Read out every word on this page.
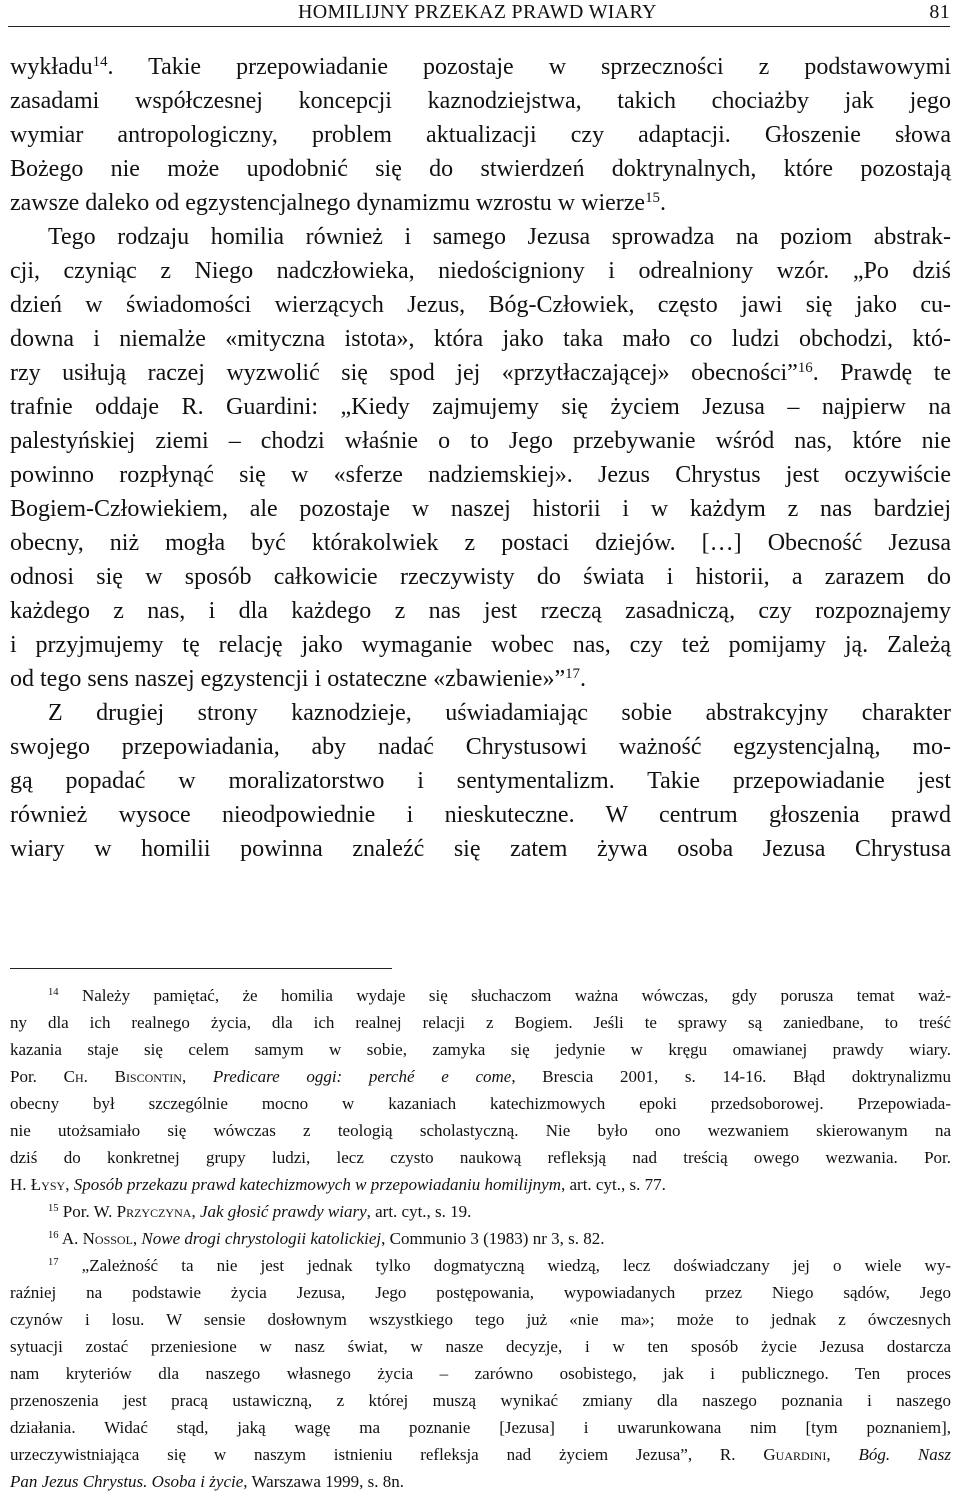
HOMILIJNY PRZEKAZ PRAWD WIARY	81
wykładu$^{14}$. Takie przepowiadanie pozostaje w sprzeczności z podstawowymi
zasadami współczesnej koncepcji kaznodziejstwa, takich chociażby jak jego
wymiar antropologiczny, problem aktualizacji czy adaptacji. Głoszenie słowa
Bożego nie może upodobnić się do stwierdzeń doktrynalnych, które pozostają
zawsze daleko od egzystencjalnego dynamizmu wzrostu w wierze$^{15}$.
Tego rodzaju homilia również i samego Jezusa sprowadza na poziom abstrak-
cji, czyniąc z Niego nadczłowieka, niedościgniony i odrealniony wzór. „Po dziś
dzień w świadomości wierzących Jezus, Bóg-Człowiek, często jawi się jako cu-
downa i niemalże «mityczna istota», która jako taka mało co ludzi obchodzi, któ-
rzy usiłują raczej wyzwolić się spod jej «przytłaczającej» obecności”$^{16}$. Prawdę te
trafnie oddaje R. Guardini: „Kiedy zajmujemy się życiem Jezusa – najpierw na
palestyńskiej ziemi – chodzi właśnie o to Jego przebywanie wśród nas, które nie
powinno rozpłynąć się w «sferze nadziemskiej». Jezus Chrystus jest oczywiście
Bogiem-Człowiekiem, ale pozostaje w naszej historii i w każdym z nas bardziej
obecny, niż mogła być którakolwiek z postaci dziejów. […] Obecność Jezusa
odnosi się w sposób całkowicie rzeczywisty do świata i historii, a zarazem do
każdego z nas, i dla każdego z nas jest rzeczą zasadniczą, czy rozpoznajemy
i przyjmujemy tę relację jako wymaganie wobec nas, czy też pomijamy ją. Zależą
od tego sens naszej egzystencji i ostateczne «zbawienie»”$^{17}$.
Z drugiej strony kaznodzieje, uświadamiając sobie abstrakcyjny charakter
swojego przepowiadania, aby nadać Chrystusowi ważność egzystencjalną, mo-
gą popadać w moralizatorstwo i sentymentalizm. Takie przepowiadanie jest
również wysoce nieodpowiednie i nieskuteczne. W centrum głoszenia prawd
wiary w homilii powinna znaleźć się zatem żywa osoba Jezusa Chrystusa
$^{14}$ Należy pamiętać, że homilia wydaje się słuchaczom ważna wówczas, gdy porusza temat waż-
ny dla ich realnego życia, dla ich realnej relacji z Bogiem. Jeśli te sprawy są zaniedbane, to treść
kazania staje się celem samym w sobie, zamyka się jedynie w kręgu omawianej prawdy wiary.
Por. Ch. Biscontin, Predicare oggi: perché e come, Brescia 2001, s. 14-16. Błąd doktrynalizmu
obecny był szczególnie mocno w kazaniach katechizmowych epoki przedsoborowej. Przepowiada-
nie utożsamiało się wówczas z teologią scholastyczną. Nie było ono wezwaniem skierowanym na
dziś do konkretnej grupy ludzi, lecz czysto naukową refleksją nad treścią owego wezwania. Por.
H. Łysy, Sposób przekazu prawd katechizmowych w przepowiadaniu homilijnym, art. cyt., s. 77.
$^{15}$ Por. W. Przyczyna, Jak głosić prawdy wiary, art. cyt., s. 19.
$^{16}$ A. Nossol, Nowe drogi chrystologii katolickiej, Communio 3 (1983) nr 3, s. 82.
$^{17}$ „Zależność ta nie jest jednak tylko dogmatyczną wiedzą, lecz doświadczany jej o wiele wy-
raźniej na podstawie życia Jezusa, Jego postępowania, wypowiadanych przez Niego sądów, Jego
czynów i losu. W sensie dosłownym wszystkiego tego już «nie ma»; może to jednak z ówczesnych
sytuacji zostać przeniesione w nasz świat, w nasze decyzje, i w ten sposób życie Jezusa dostarcza
nam kryteriów dla naszego własnego życia – zarówno osobistego, jak i publicznego. Ten proces
przenoszenia jest pracą ustawiczną, z której muszą wynikać zmiany dla naszego poznania i naszego
działania. Widać stąd, jaką wagę ma poznanie [Jezusa] i uwarunkowana nim [tym poznaniem],
urzeczywistniająca się w naszym istnieniu refleksja nad życiem Jezusa”, R. Guardini, Bóg. Nasz
Pan Jezus Chrystus. Osoba i życie, Warszawa 1999, s. 8n.
